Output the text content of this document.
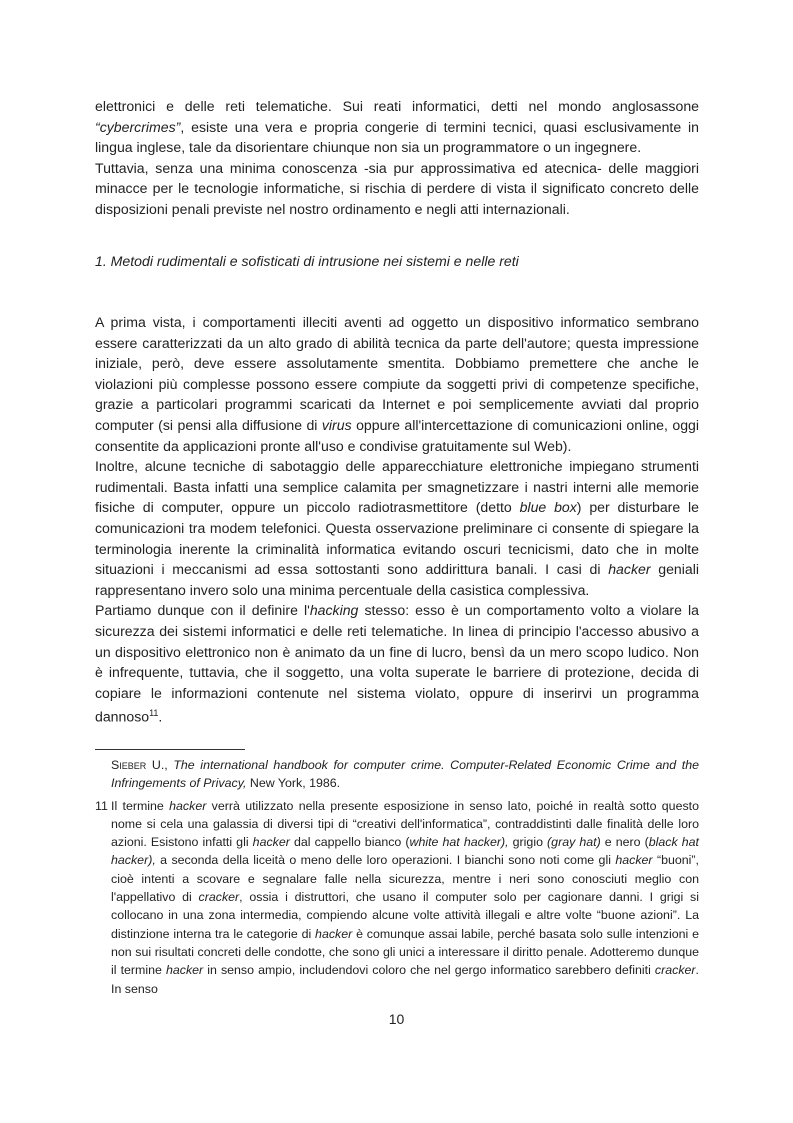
elettronici e delle reti telematiche. Sui reati informatici, detti nel mondo anglosassone “cybercrimes”, esiste una vera e propria congerie di termini tecnici, quasi esclusivamente in lingua inglese, tale da disorientare chiunque non sia un programmatore o un ingegnere.

Tuttavia, senza una minima conoscenza -sia pur approssimativa ed atecnica- delle maggiori minacce per le tecnologie informatiche, si rischia di perdere di vista il significato concreto delle disposizioni penali previste nel nostro ordinamento e negli atti internazionali.

1. Metodi rudimentali e sofisticati di intrusione nei sistemi e nelle reti

A prima vista, i comportamenti illeciti aventi ad oggetto un dispositivo informatico sembrano essere caratterizzati da un alto grado di abilità tecnica da parte dell'autore; questa impressione iniziale, però, deve essere assolutamente smentita. Dobbiamo premettere che anche le violazioni più complesse possono essere compiute da soggetti privi di competenze specifiche, grazie a particolari programmi scaricati da Internet e poi semplicemente avviati dal proprio computer (si pensi alla diffusione di virus oppure all'intercettazione di comunicazioni online, oggi consentite da applicazioni pronte all'uso e condivise gratuitamente sul Web).

Inoltre, alcune tecniche di sabotaggio delle apparecchiature elettroniche impiegano strumenti rudimentali. Basta infatti una semplice calamita per smagnetizzare i nastri interni alle memorie fisiche di computer, oppure un piccolo radiotrasmettitore (detto blue box) per disturbare le comunicazioni tra modem telefonici. Questa osservazione preliminare ci consente di spiegare la terminologia inerente la criminalità informatica evitando oscuri tecnicismi, dato che in molte situazioni i meccanismi ad essa sottostanti sono addirittura banali. I casi di hacker geniali rappresentano invero solo una minima percentuale della casistica complessiva.

Partiamo dunque con il definire l'hacking stesso: esso è un comportamento volto a violare la sicurezza dei sistemi informatici e delle reti telematiche. In linea di principio l'accesso abusivo a un dispositivo elettronico non è animato da un fine di lucro, bensì da un mero scopo ludico. Non è infrequente, tuttavia, che il soggetto, una volta superate le barriere di protezione, decida di copiare le informazioni contenute nel sistema violato, oppure di inserirvi un programma dannoso$^{11}$.

Sieber U., The international handbook for computer crime. Computer-Related Economic Crime and the Infringements of Privacy, New York, 1986.
11 Il termine hacker verrà utilizzato nella presente esposizione in senso lato, poiché in realtà sotto questo nome si cela una galassia di diversi tipi di “creativi dell'informatica”, contraddistinti dalle finalità delle loro azioni. Esistono infatti gli hacker dal cappello bianco (white hat hacker), grigio (gray hat) e nero (black hat hacker), a seconda della liceità o meno delle loro operazioni. I bianchi sono noti come gli hacker “buoni”, cioè intenti a scovare e segnalare falle nella sicurezza, mentre i neri sono conosciuti meglio con l'appellativo di cracker, ossia i distruttori, che usano il computer solo per cagionare danni. I grigi si collocano in una zona intermedia, compiendo alcune volte attività illegali e altre volte “buone azioni”. La distinzione interna tra le categorie di hacker è comunque assai labile, perché basata solo sulle intenzioni e non sui risultati concreti delle condotte, che sono gli unici a interessare il diritto penale. Adotteremo dunque il termine hacker in senso ampio, includendovi coloro che nel gergo informatico sarebbero definiti cracker. In senso
10
